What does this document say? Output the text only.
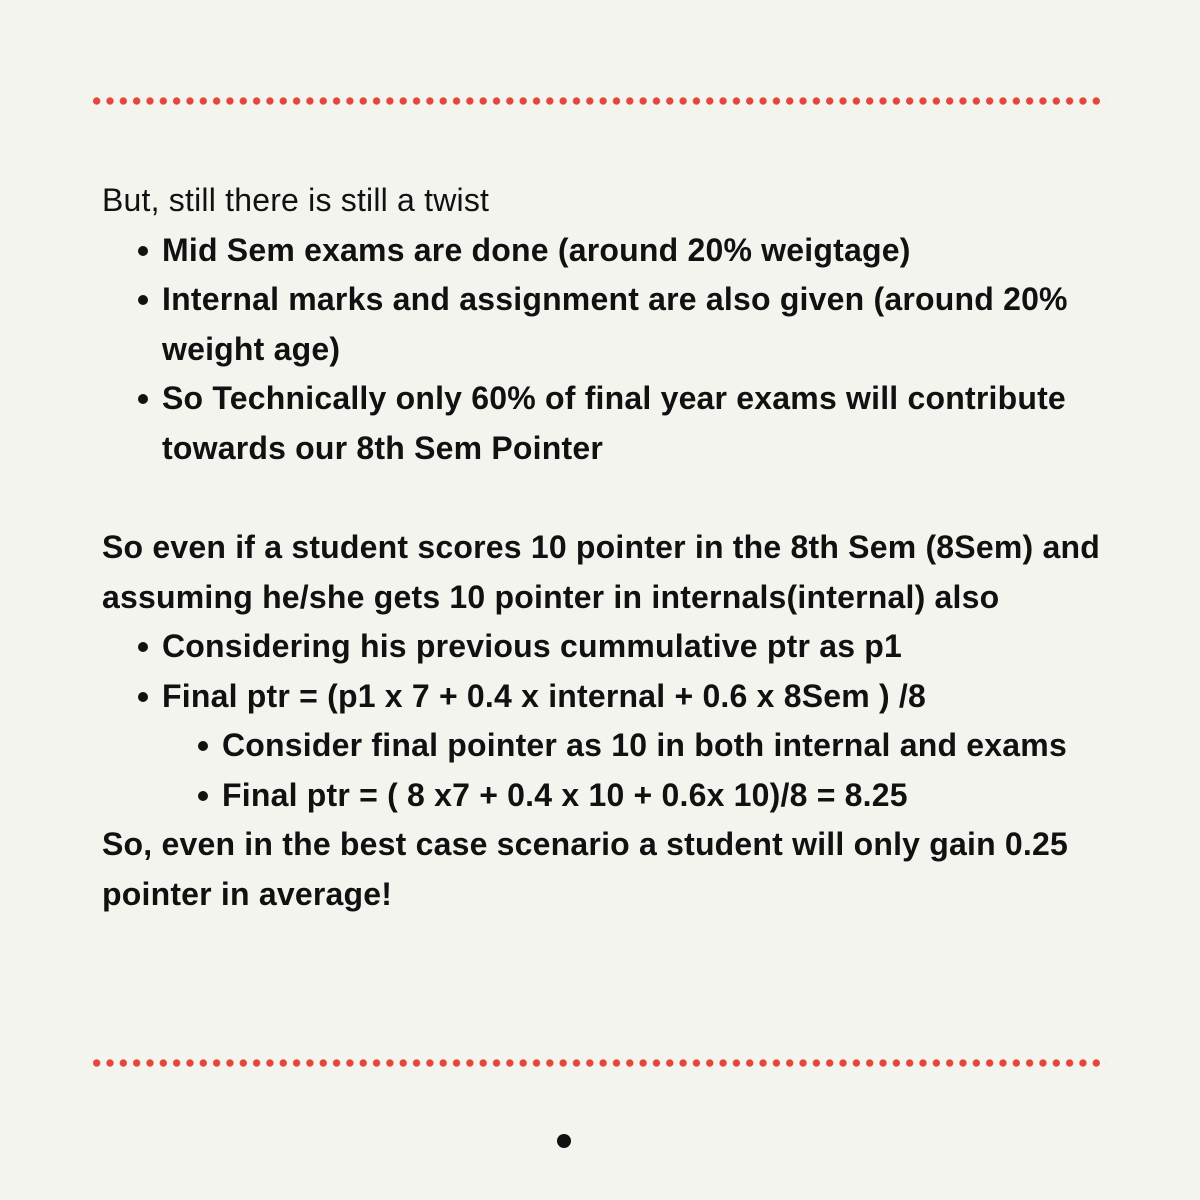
But, still there is still a twist

Mid Sem exams are done (around 20% weigtage)
Internal marks and assignment are also given (around 20% weight age)
So Technically only 60% of final year exams will contribute towards our 8th Sem Pointer

So even if a student scores 10 pointer in the 8th Sem (8Sem) and assuming he/she gets 10 pointer in internals(internal) also

Considering his previous cummulative ptr as p1
Final ptr = (p1 x 7 + 0.4 x internal + 0.6 x 8Sem ) /8
Consider final pointer as 10 in both internal and exams
Final ptr = ( 8 x7 + 0.4 x 10 + 0.6x 10)/8 = 8.25

So, even in the best case scenario a student will only gain 0.25 pointer in average!
